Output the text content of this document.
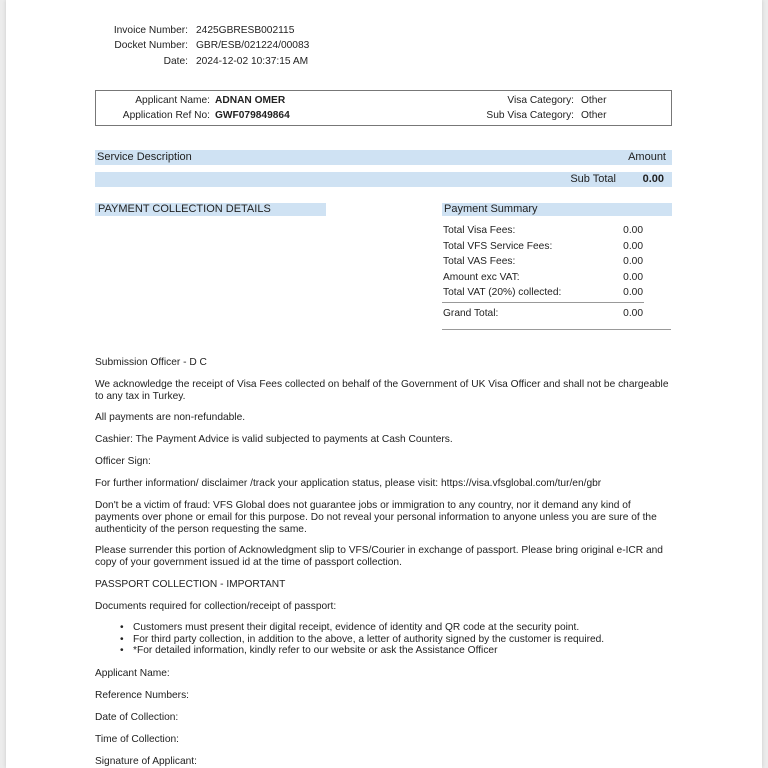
Invoice Number: 2425GBRESB002115
Docket Number: GBR/ESB/021224/00083
Date: 2024-12-02 10:37:15 AM
Applicant Name: ADNAN OMER
Application Ref No: GWF079849864
Visa Category: Other
Sub Visa Category: Other
Service Description	Amount
Sub Total 0.00
PAYMENT COLLECTION DETAILS	Payment Summary
Total Visa Fees:	0.00
Total VFS Service Fees:	0.00
Total VAS Fees:	0.00
Amount exc VAT:	0.00
Total VAT (20%) collected:	0.00
Grand Total:	0.00
Submission Officer - D C
We acknowledge the receipt of Visa Fees collected on behalf of the Government of UK Visa Officer and shall not be chargeable to any tax in Turkey.
All payments are non-refundable.
Cashier: The Payment Advice is valid subjected to payments at Cash Counters.
Officer Sign:
For further information/ disclaimer /track your application status, please visit: https://visa.vfsglobal.com/tur/en/gbr
Don't be a victim of fraud: VFS Global does not guarantee jobs or immigration to any country, nor it demand any kind of payments over phone or email for this purpose. Do not reveal your personal information to anyone unless you are sure of the authenticity of the person requesting the same.
Please surrender this portion of Acknowledgment slip to VFS/Courier in exchange of passport. Please bring original e-ICR and copy of your government issued id at the time of passport collection.
PASSPORT COLLECTION - IMPORTANT
Documents required for collection/receipt of passport:
• Customers must present their digital receipt, evidence of identity and QR code at the security point.
• For third party collection, in addition to the above, a letter of authority signed by the customer is required.
• *For detailed information, kindly refer to our website or ask the Assistance Officer
Applicant Name:
Reference Numbers:
Date of Collection:
Time of Collection:
Signature of Applicant:
